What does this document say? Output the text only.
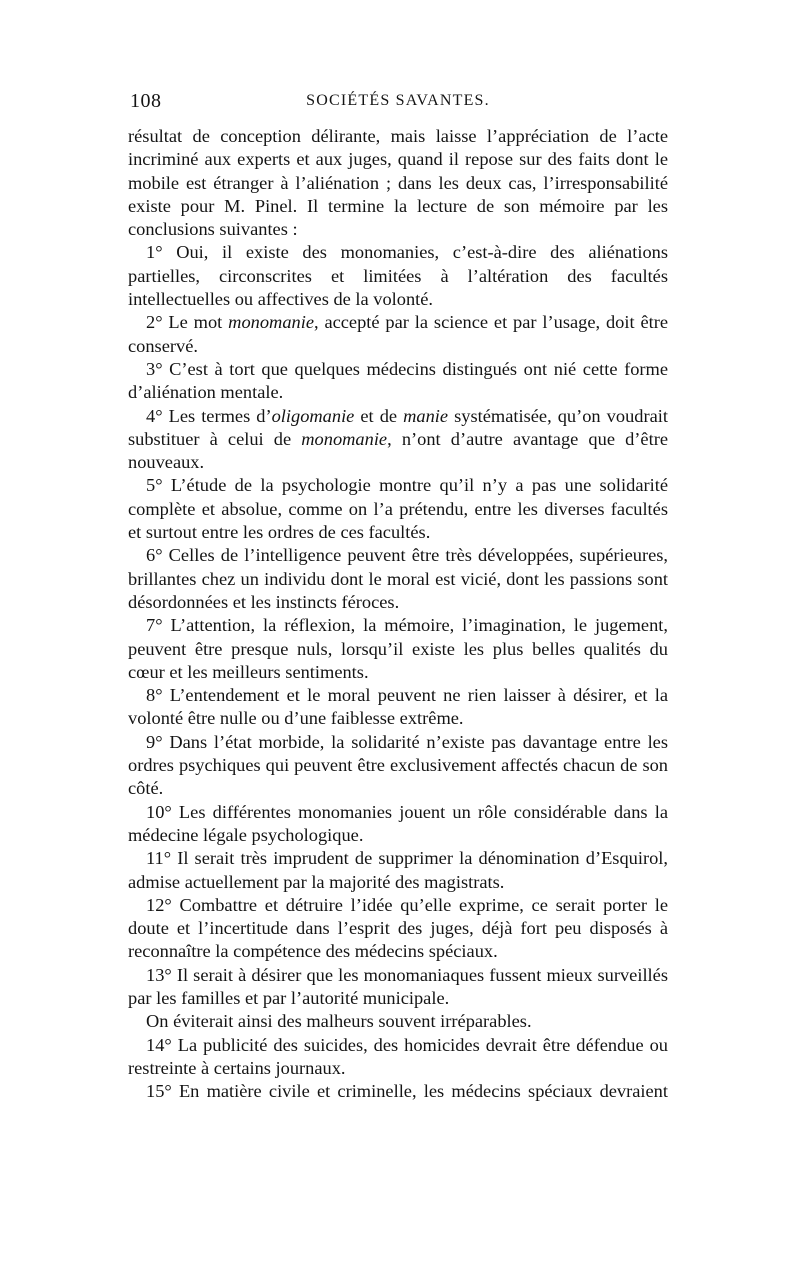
108	SOCIÉTÉS SAVANTES.

résultat de conception délirante, mais laisse l’appréciation de l’acte incriminé aux experts et aux juges, quand il repose sur des faits dont le mobile est étranger à l’aliénation ; dans les deux cas, l’irresponsabilité existe pour M. Pinel. Il termine la lecture de son mémoire par les conclusions suivantes :

1° Oui, il existe des monomanies, c’est-à-dire des aliénations partielles, circonscrites et limitées à l’altération des facultés intellectuelles ou affectives de la volonté.

2° Le mot monomanie, accepté par la science et par l’usage, doit être conservé.

3° C’est à tort que quelques médecins distingués ont nié cette forme d’aliénation mentale.

4° Les termes d’oligomanie et de manie systématisée, qu’on voudrait substituer à celui de monomanie, n’ont d’autre avantage que d’être nouveaux.

5° L’étude de la psychologie montre qu’il n’y a pas une solidarité complète et absolue, comme on l’a prétendu, entre les diverses facultés et surtout entre les ordres de ces facultés.

6° Celles de l’intelligence peuvent être très développées, supérieures, brillantes chez un individu dont le moral est vicié, dont les passions sont désordonnées et les instincts féroces.

7° L’attention, la réflexion, la mémoire, l’imagination, le jugement, peuvent être presque nuls, lorsqu’il existe les plus belles qualités du cœur et les meilleurs sentiments.

8° L’entendement et le moral peuvent ne rien laisser à désirer, et la volonté être nulle ou d’une faiblesse extrême.

9° Dans l’état morbide, la solidarité n’existe pas davantage entre les ordres psychiques qui peuvent être exclusivement affectés chacun de son côté.

10° Les différentes monomanies jouent un rôle considérable dans la médecine légale psychologique.

11° Il serait très imprudent de supprimer la dénomination d’Esquirol, admise actuellement par la majorité des magistrats.

12° Combattre et détruire l’idée qu’elle exprime, ce serait porter le doute et l’incertitude dans l’esprit des juges, déjà fort peu disposés à reconnaître la compétence des médecins spéciaux.

13° Il serait à désirer que les monomaniaques fussent mieux surveillés par les familles et par l’autorité municipale.

On éviterait ainsi des malheurs souvent irréparables.

14° La publicité des suicides, des homicides devrait être défendue ou restreinte à certains journaux.

15° En matière civile et criminelle, les médecins spéciaux devraient
